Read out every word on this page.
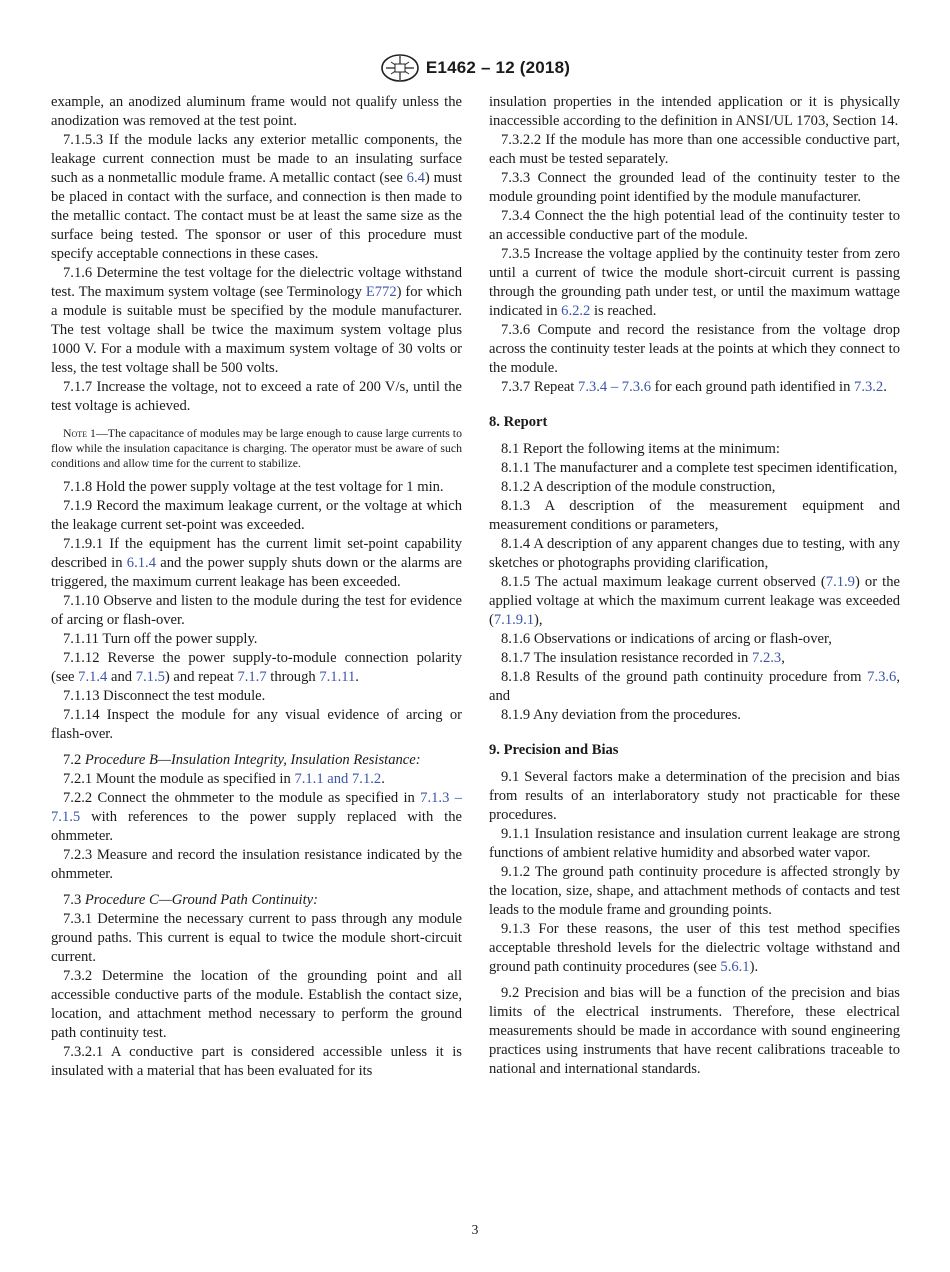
E1462 – 12 (2018)

example, an anodized aluminum frame would not qualify unless the anodization was removed at the test point.

7.1.5.3 If the module lacks any exterior metallic components, the leakage current connection must be made to an insulating surface such as a nonmetallic module frame. A metallic contact (see 6.4) must be placed in contact with the surface, and connection is then made to the metallic contact. The contact must be at least the same size as the surface being tested. The sponsor or user of this procedure must specify acceptable connections in these cases.

7.1.6 Determine the test voltage for the dielectric voltage withstand test. The maximum system voltage (see Terminology E772) for which a module is suitable must be specified by the module manufacturer. The test voltage shall be twice the maximum system voltage plus 1000 V. For a module with a maximum system voltage of 30 volts or less, the test voltage shall be 500 volts.

7.1.7 Increase the voltage, not to exceed a rate of 200 V/s, until the test voltage is achieved.

Note 1—The capacitance of modules may be large enough to cause large currents to flow while the insulation capacitance is charging. The operator must be aware of such conditions and allow time for the current to stabilize.

7.1.8 Hold the power supply voltage at the test voltage for 1 min.

7.1.9 Record the maximum leakage current, or the voltage at which the leakage current set-point was exceeded.

7.1.9.1 If the equipment has the current limit set-point capability described in 6.1.4 and the power supply shuts down or the alarms are triggered, the maximum current leakage has been exceeded.

7.1.10 Observe and listen to the module during the test for evidence of arcing or flash-over.

7.1.11 Turn off the power supply.

7.1.12 Reverse the power supply-to-module connection polarity (see 7.1.4 and 7.1.5) and repeat 7.1.7 through 7.1.11.

7.1.13 Disconnect the test module.

7.1.14 Inspect the module for any visual evidence of arcing or flash-over.

7.2 Procedure B—Insulation Integrity, Insulation Resistance:

7.2.1 Mount the module as specified in 7.1.1 and 7.1.2.

7.2.2 Connect the ohmmeter to the module as specified in 7.1.3 – 7.1.5 with references to the power supply replaced with the ohmmeter.

7.2.3 Measure and record the insulation resistance indicated by the ohmmeter.

7.3 Procedure C—Ground Path Continuity:

7.3.1 Determine the necessary current to pass through any module ground paths. This current is equal to twice the module short-circuit current.

7.3.2 Determine the location of the grounding point and all accessible conductive parts of the module. Establish the contact size, location, and attachment method necessary to perform the ground path continuity test.

7.3.2.1 A conductive part is considered accessible unless it is insulated with a material that has been evaluated for its

insulation properties in the intended application or it is physically inaccessible according to the definition in ANSI/UL 1703, Section 14.

7.3.2.2 If the module has more than one accessible conductive part, each must be tested separately.

7.3.3 Connect the grounded lead of the continuity tester to the module grounding point identified by the module manufacturer.

7.3.4 Connect the the high potential lead of the continuity tester to an accessible conductive part of the module.

7.3.5 Increase the voltage applied by the continuity tester from zero until a current of twice the module short-circuit current is passing through the grounding path under test, or until the maximum wattage indicated in 6.2.2 is reached.

7.3.6 Compute and record the resistance from the voltage drop across the continuity tester leads at the points at which they connect to the module.

7.3.7 Repeat 7.3.4 – 7.3.6 for each ground path identified in 7.3.2.

8. Report

8.1 Report the following items at the minimum:

8.1.1 The manufacturer and a complete test specimen identification,

8.1.2 A description of the module construction,

8.1.3 A description of the measurement equipment and measurement conditions or parameters,

8.1.4 A description of any apparent changes due to testing, with any sketches or photographs providing clarification,

8.1.5 The actual maximum leakage current observed (7.1.9) or the applied voltage at which the maximum current leakage was exceeded (7.1.9.1),

8.1.6 Observations or indications of arcing or flash-over,

8.1.7 The insulation resistance recorded in 7.2.3,

8.1.8 Results of the ground path continuity procedure from 7.3.6, and

8.1.9 Any deviation from the procedures.

9. Precision and Bias

9.1 Several factors make a determination of the precision and bias from results of an interlaboratory study not practicable for these procedures.

9.1.1 Insulation resistance and insulation current leakage are strong functions of ambient relative humidity and absorbed water vapor.

9.1.2 The ground path continuity procedure is affected strongly by the location, size, shape, and attachment methods of contacts and test leads to the module frame and grounding points.

9.1.3 For these reasons, the user of this test method specifies acceptable threshold levels for the dielectric voltage withstand and ground path continuity procedures (see 5.6.1).

9.2 Precision and bias will be a function of the precision and bias limits of the electrical instruments. Therefore, these electrical measurements should be made in accordance with sound engineering practices using instruments that have recent calibrations traceable to national and international standards.

3
